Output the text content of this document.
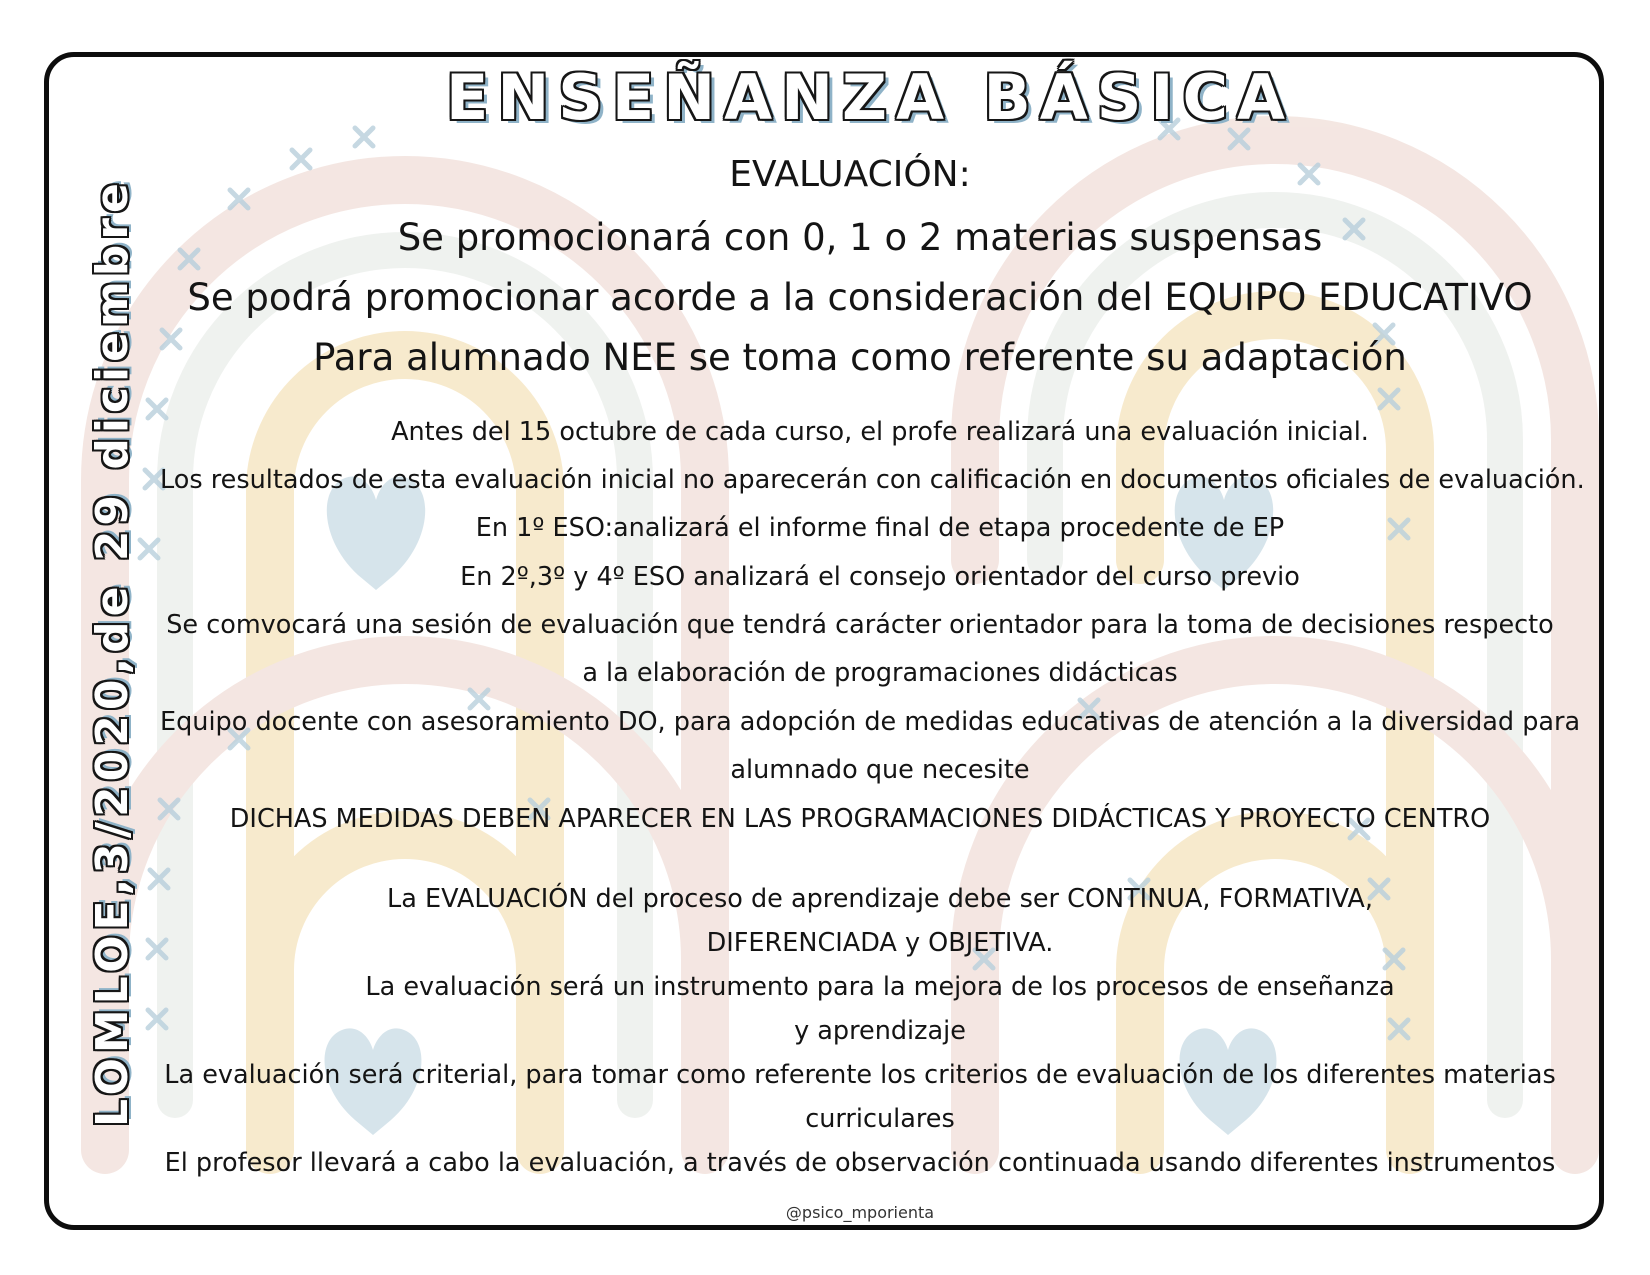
LOMLOE,3/2020,de 29 diciembre
ENSEÑANZA BÁSICA
EVALUACIÓN:
Se promocionará con 0, 1 o 2 materias suspensas
Se podrá promocionar acorde a la consideración del EQUIPO EDUCATIVO
Para alumnado NEE se toma como referente su adaptación
Antes del 15 octubre de cada curso, el profe realizará una evaluación inicial.
Los resultados de esta evaluación inicial no aparecerán con calificación en documentos oficiales de evaluación.
En 1º ESO:analizará el informe final de etapa procedente de EP
En 2º,3º y 4º ESO analizará el consejo orientador del curso previo
Se comvocará una sesión de evaluación que tendrá carácter orientador para la toma de decisiones respecto
a la elaboración de programaciones didácticas
Equipo docente con asesoramiento DO, para adopción de medidas educativas de atención a la diversidad para
alumnado que necesite
DICHAS MEDIDAS DEBEN APARECER EN LAS PROGRAMACIONES DIDÁCTICAS Y PROYECTO CENTRO
La EVALUACIÓN del proceso de aprendizaje debe ser CONTINUA, FORMATIVA,
DIFERENCIADA y OBJETIVA.
La evaluación será un instrumento para la mejora de los procesos de enseñanza
y aprendizaje
La evaluación será criterial, para tomar como referente los criterios de evaluación de los diferentes materias
curriculares
El profesor llevará a cabo la evaluación, a través de observación continuada usando diferentes instrumentos
@psico_mporienta
